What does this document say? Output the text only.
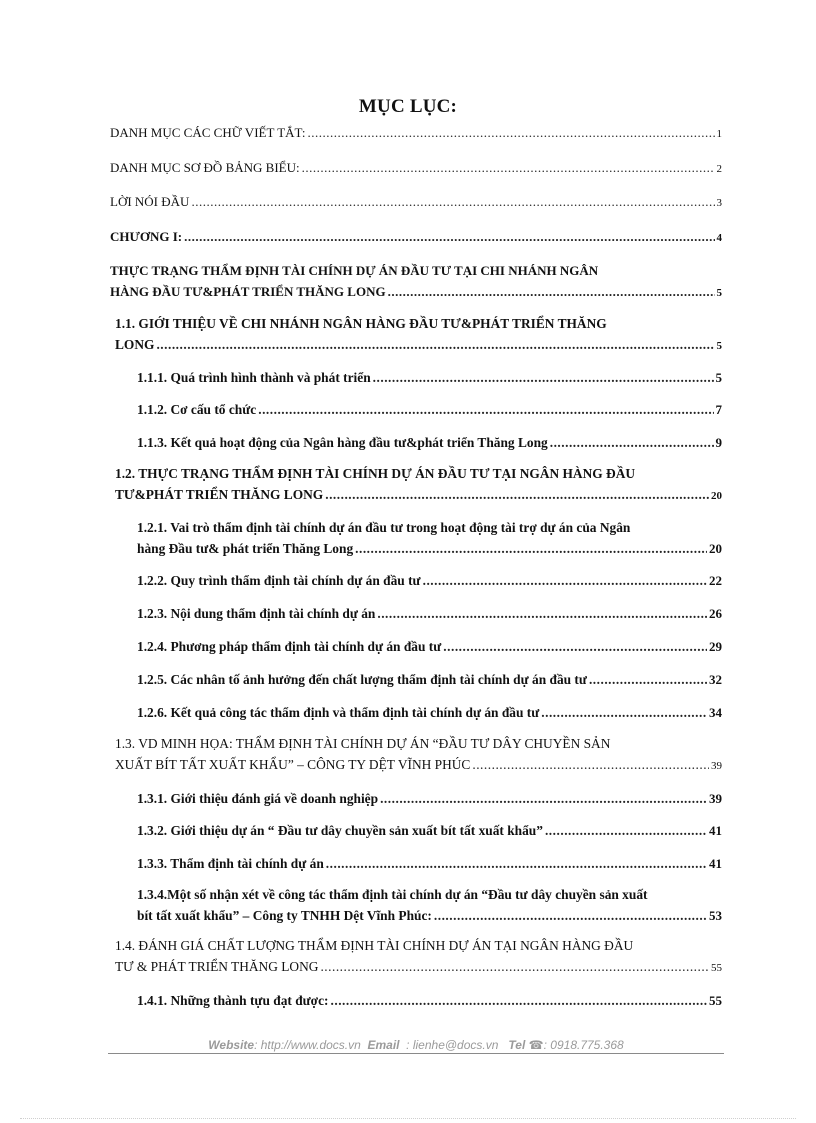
MỤC LỤC:
DANH MỤC CÁC CHỮ VIẾT TẮT: .....	1
DANH MỤC SƠ ĐỒ BẢNG BIỂU: .....	2
LỜI NÓI ĐẦU .....	3
CHƯƠNG I: .....	4
THỰC TRẠNG THẨM ĐỊNH TÀI CHÍNH DỰ ÁN ĐẦU TƯ TẠI CHI NHÁNH NGÂN
HÀNG ĐẦU TƯ&PHÁT TRIỂN THĂNG LONG .....	5
1.1. GIỚI THIỆU VỀ CHI NHÁNH NGÂN HÀNG ĐẦU TƯ&PHÁT TRIỂN THĂNG
LONG .....	5
1.1.1. Quá trình hình thành và phát triển .....	5
1.1.2. Cơ cấu tổ chức .....	7
1.1.3. Kết quả hoạt động của Ngân hàng đầu tư&phát triển Thăng Long .....	9
1.2. THỰC TRẠNG THẨM ĐỊNH TÀI CHÍNH DỰ ÁN ĐẦU TƯ TẠI NGÂN HÀNG ĐẦU
TƯ&PHÁT TRIỂN THĂNG LONG .....	20
1.2.1. Vai trò thẩm định tài chính dự án đầu tư trong hoạt động tài trợ dự án của Ngân
hàng Đầu tư& phát triển Thăng Long .....	20
1.2.2. Quy trình thẩm định tài chính dự án đầu tư .....	22
1.2.3. Nội dung thẩm định tài chính dự án .....	26
1.2.4. Phương pháp thẩm định tài chính dự án đầu tư .....	29
1.2.5. Các nhân tố ảnh hưởng đến chất lượng thẩm định tài chính dự án đầu tư .....	32
1.2.6. Kết quả công tác thẩm định và thẩm định tài chính dự án đầu tư .....	34
1.3. VD MINH HỌA: THẨM ĐỊNH TÀI CHÍNH DỰ ÁN “ĐẦU TƯ DÂY CHUYỀN SẢN
XUẤT BÍT TẤT XUẤT KHẨU” – CÔNG TY DỆT VĨNH PHÚC .....	39
1.3.1. Giới thiệu đánh giá về doanh nghiệp .....	39
1.3.2. Giới thiệu dự án “ Đầu tư dây chuyền sản xuất bít tất xuất khẩu” .....	41
1.3.3. Thẩm định tài chính dự án .....	41
1.3.4.Một số nhận xét về công tác thẩm định tài chính dự án “Đầu tư dây chuyền sản xuất
bít tất xuất khẩu” – Công ty TNHH Dệt Vĩnh Phúc: .....	53
1.4. ĐÁNH GIÁ CHẤT LƯỢNG THẨM ĐỊNH TÀI CHÍNH DỰ ÁN TẠI NGÂN HÀNG ĐẦU
TƯ & PHÁT TRIỂN THĂNG LONG .....	55
1.4.1. Những thành tựu đạt được: .....	55
Website: http://www.docs.vn Email : lienhe@docs.vn Tel ☎: 0918.775.368
